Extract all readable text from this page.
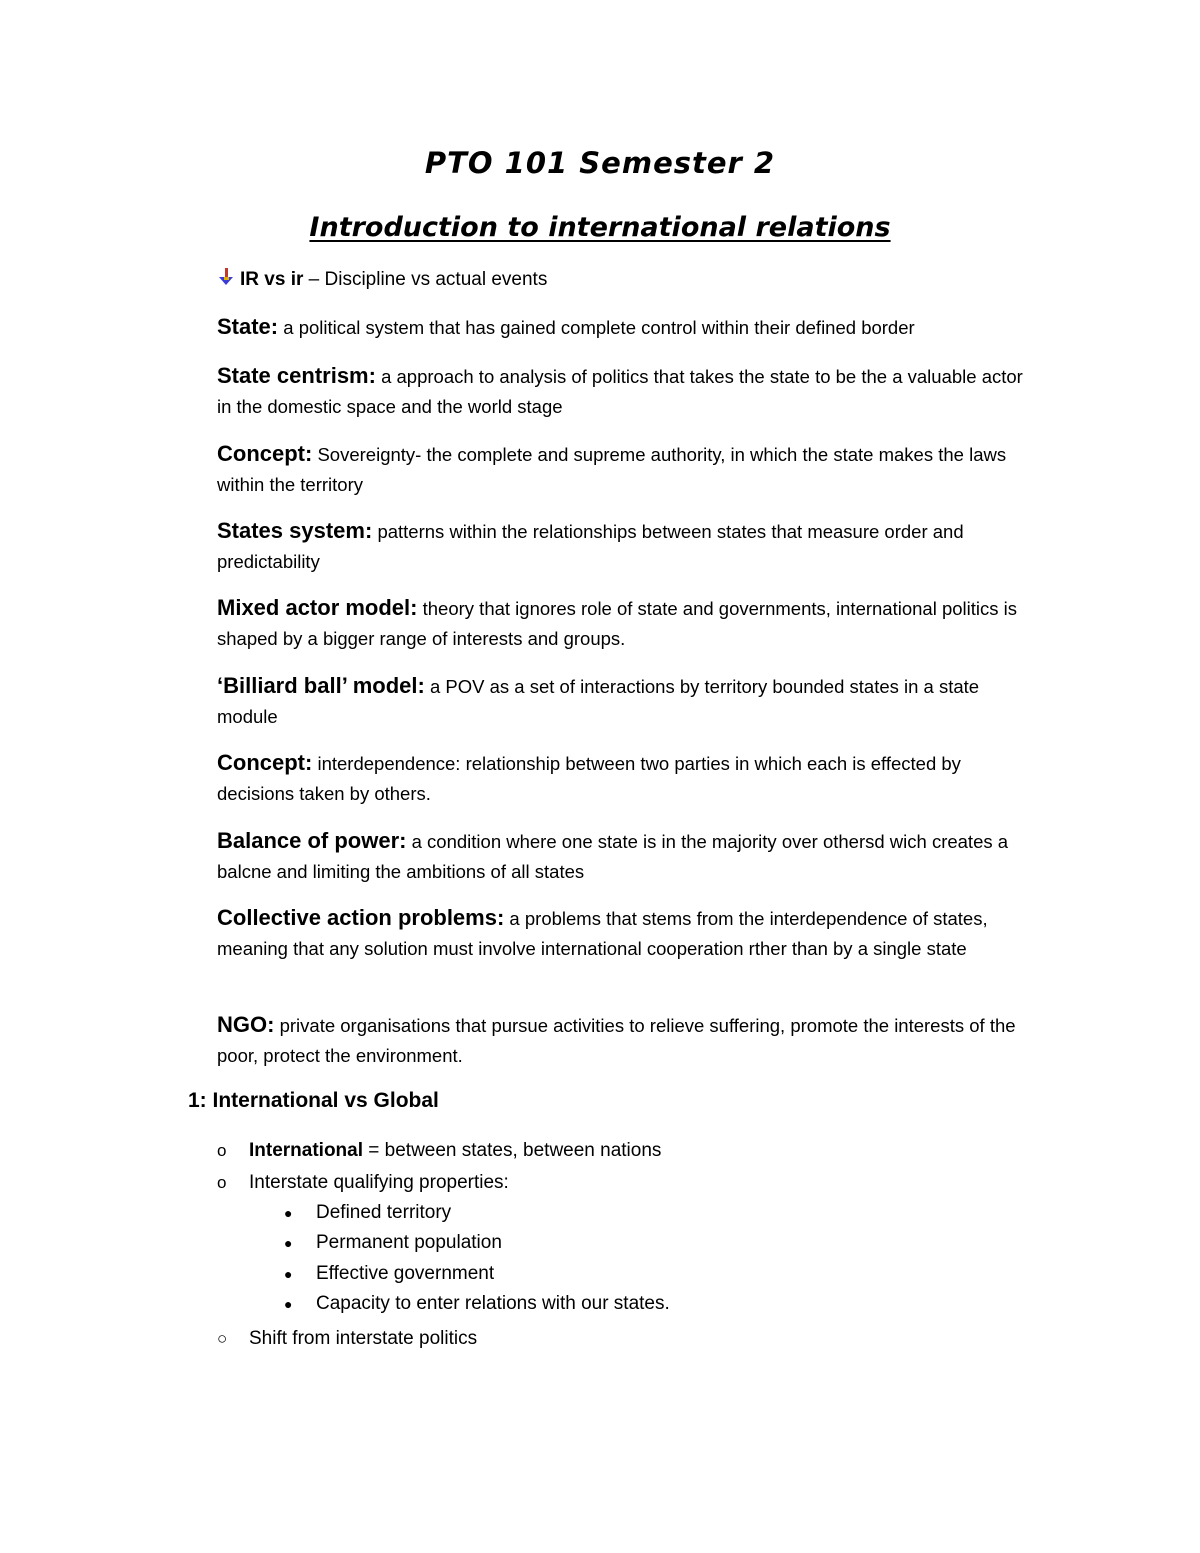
PTO 101 Semester 2
Introduction to international relations
IR vs ir – Discipline vs actual events
State: a political system that has gained complete control within their defined border
State centrism: a approach to analysis of politics that takes the state to be the a valuable actor in the domestic space and the world stage
Concept: Sovereignty- the complete and supreme authority, in which the state makes the laws within the territory
States system: patterns within the relationships between states that measure order and predictability
Mixed actor model: theory that ignores role of state and governments, international politics is shaped by a bigger range of interests and groups.
‘Billiard ball’ model: a POV as a set of interactions by territory bounded states in a state module
Concept: interdependence: relationship between two parties in which each is effected by decisions taken by others.
Balance of power: a condition where one state is in the majority over othersd wich creates a balcne and limiting the ambitions of all states
Collective action problems: a problems that stems from the interdependence of states, meaning that any solution must involve international cooperation rther than by a single state
NGO: private organisations that pursue activities to relieve suffering, promote the interests of the poor, protect the environment.
1: International vs Global
o International = between states, between nations
o Interstate qualifying properties:
● Defined territory
● Permanent population
● Effective government
● Capacity to enter relations with our states.
○ Shift from interstate politics
